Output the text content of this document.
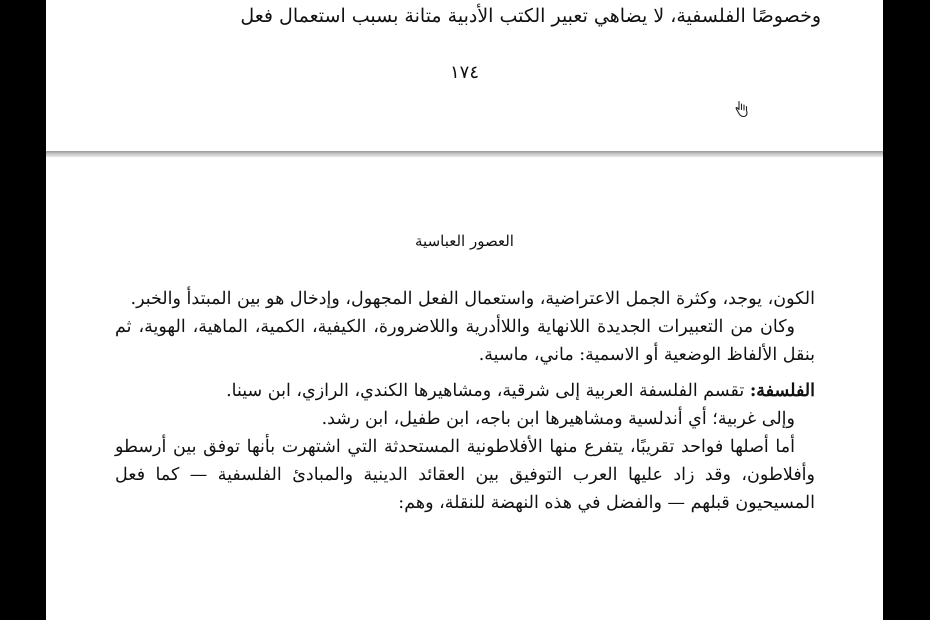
وخصوصًا الفلسفية، لا يضاهي تعبير الكتب الأدبية متانة بسبب استعمال فعل
١٧٤
العصور العباسية

الكون، يوجد، وكثرة الجمل الاعتراضية، واستعمال الفعل المجهول، وإدخال هو بين المبتدأ والخبر.

وكان من التعبيرات الجديدة اللانهاية واللاأدرية واللاضرورة، الكيفية، الكمية، الماهية، الهوية، ثم بنقل الألفاظ الوضعية أو الاسمية: ماني، ماسية.

الفلسفة: تقسم الفلسفة العربية إلى شرقية، ومشاهيرها الكندي، الرازي، ابن سينا.

وإلى غربية؛ أي أندلسية ومشاهيرها ابن باجه، ابن طفيل، ابن رشد.

أما أصلها فواحد تقريبًا، يتفرع منها الأفلاطونية المستحدثة التي اشتهرت بأنها توفق بين أرسطو وأفلاطون، وقد زاد عليها العرب التوفيق بين العقائد الدينية والمبادئ الفلسفية — كما فعل المسيحيون قبلهم — والفضل في هذه النهضة للنقلة، وهم:
